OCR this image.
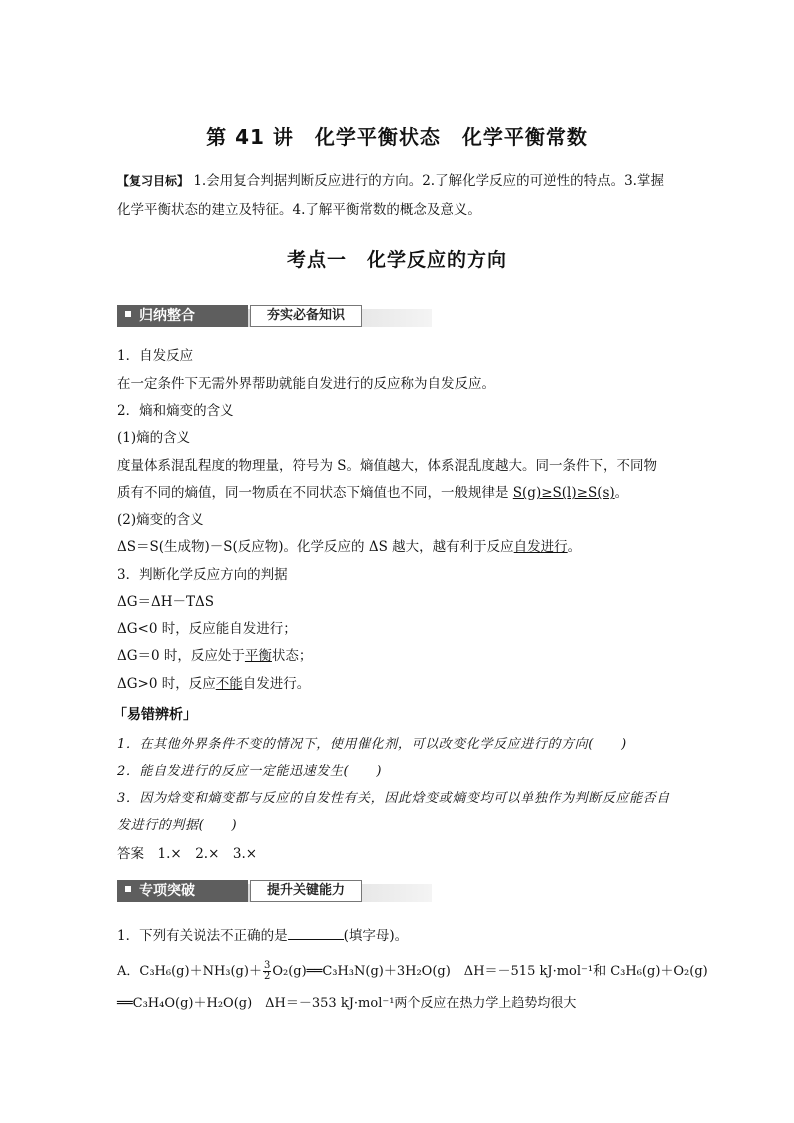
第 41 讲　化学平衡状态　化学平衡常数
【复习目标】 1.会用复合判据判断反应进行的方向。2.了解化学反应的可逆性的特点。3.掌握
化学平衡状态的建立及特征。4.了解平衡常数的概念及意义。
考点一　化学反应的方向
归纳整合	夯实必备知识
1．自发反应
在一定条件下无需外界帮助就能自发进行的反应称为自发反应。
2．熵和熵变的含义
(1)熵的含义
度量体系混乱程度的物理量，符号为 S。熵值越大，体系混乱度越大。同一条件下，不同物
质有不同的熵值，同一物质在不同状态下熵值也不同，一般规律是 S(g)≥S(l)≥S(s)。
(2)熵变的含义
ΔS＝S(生成物)－S(反应物)。化学反应的 ΔS 越大，越有利于反应自发进行。
3．判断化学反应方向的判据
ΔG＝ΔH－TΔS
ΔG<0 时，反应能自发进行；
ΔG＝0 时，反应处于平衡状态；
ΔG>0 时，反应不能自发进行。
「易错辨析」
1．在其他外界条件不变的情况下，使用催化剂，可以改变化学反应进行的方向(　　)
2．能自发进行的反应一定能迅速发生(　　)
3．因为焓变和熵变都与反应的自发性有关，因此焓变或熵变均可以单独作为判断反应能否自
发进行的判据(　　)
答案　1.×　2.×　3.×
专项突破	提升关键能力
1．下列有关说法不正确的是	(填字母)。
A．$C_3H_6(g)+NH_3(g)+ \frac{3}{2}$ O₂(g)══C₃H₃N(g)＋3H₂O(g)　ΔH＝－515 kJ·mol⁻¹和 C₃H₆(g)＋O₂(g)
══C₃H₄O(g)＋H₂O(g)　ΔH＝－353 kJ·mol⁻¹两个反应在热力学上趋势均很大
